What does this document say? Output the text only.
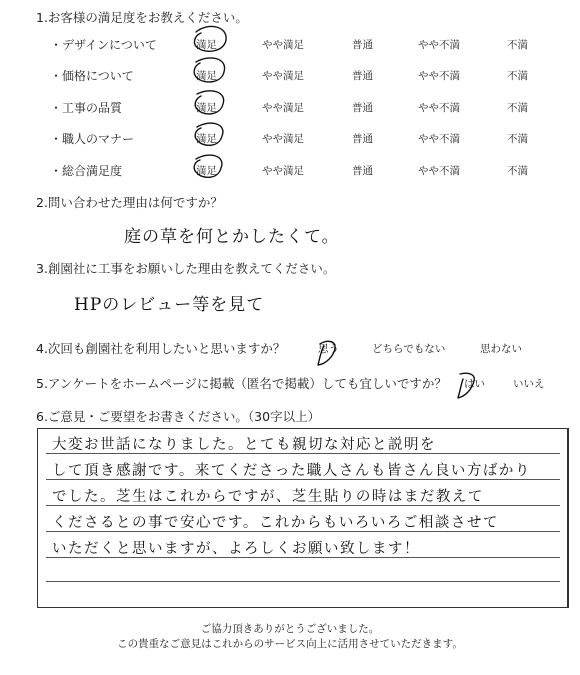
1.お客様の満足度をお教えください。
・デザインについて	満足	やや満足	普通	やや不満	不満
・価格について	満足	やや満足	普通	やや不満	不満
・工事の品質	満足	やや満足	普通	やや不満	不満
・職人のマナー	満足	やや満足	普通	やや不満	不満
・総合満足度	満足	やや満足	普通	やや不満	不満
2.問い合わせた理由は何ですか？
庭の草を何とかしたくて。
3.創園社に工事をお願いした理由を教えてください。
HPのレビュー等を見て
4.次回も創園社を利用したいと思いますか？	思う	どちらでもない	思わない
5.アンケートをホームページに掲載（匿名で掲載）しても宜しいですか？ はい	いいえ
6.ご意見・ご要望をお書きください。（30字以上）
大変お世話になりました。とても親切な対応と説明を
して頂き感謝です。来てくださった職人さんも皆さん良い方ばかり
でした。芝生はこれからですが、芝生貼りの時はまだ教えて
くださるとの事で安心です。これからもいろいろご相談させて
いただくと思いますが、よろしくお願い致します！
ご協力頂きありがとうございました。
この貴重なご意見はこれからのサービス向上に活用させていただきます。
